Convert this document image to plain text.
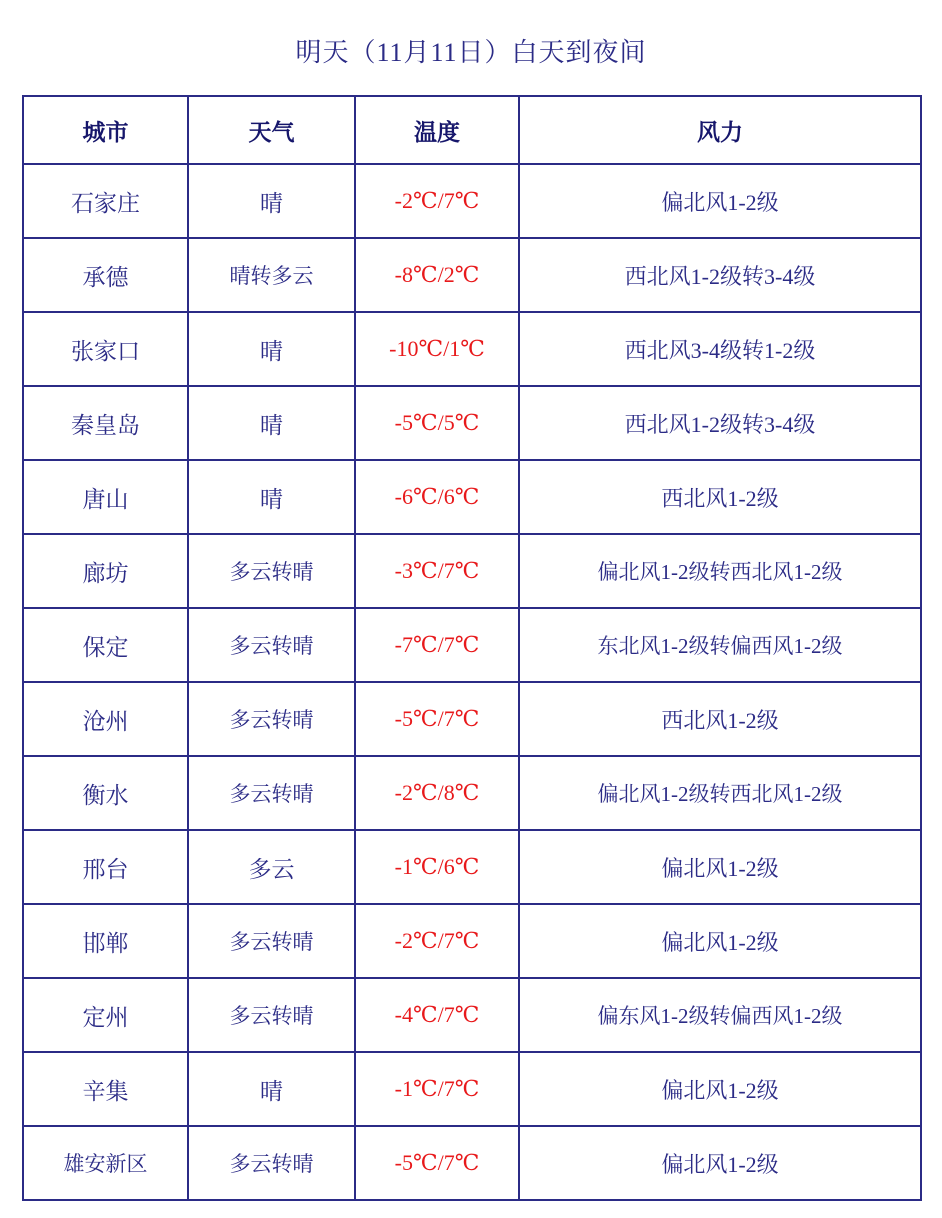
明天（11月11日）白天到夜间
城市	天气	温度	风力
石家庄	晴	-2℃/7℃	偏北风1-2级
承德	晴转多云	-8℃/2℃	西北风1-2级转3-4级
张家口	晴	-10℃/1℃	西北风3-4级转1-2级
秦皇岛	晴	-5℃/5℃	西北风1-2级转3-4级
唐山	晴	-6℃/6℃	西北风1-2级
廊坊	多云转晴	-3℃/7℃	偏北风1-2级转西北风1-2级
保定	多云转晴	-7℃/7℃	东北风1-2级转偏西风1-2级
沧州	多云转晴	-5℃/7℃	西北风1-2级
衡水	多云转晴	-2℃/8℃	偏北风1-2级转西北风1-2级
邢台	多云	-1℃/6℃	偏北风1-2级
邯郸	多云转晴	-2℃/7℃	偏北风1-2级
定州	多云转晴	-4℃/7℃	偏东风1-2级转偏西风1-2级
辛集	晴	-1℃/7℃	偏北风1-2级
雄安新区	多云转晴	-5℃/7℃	偏北风1-2级
